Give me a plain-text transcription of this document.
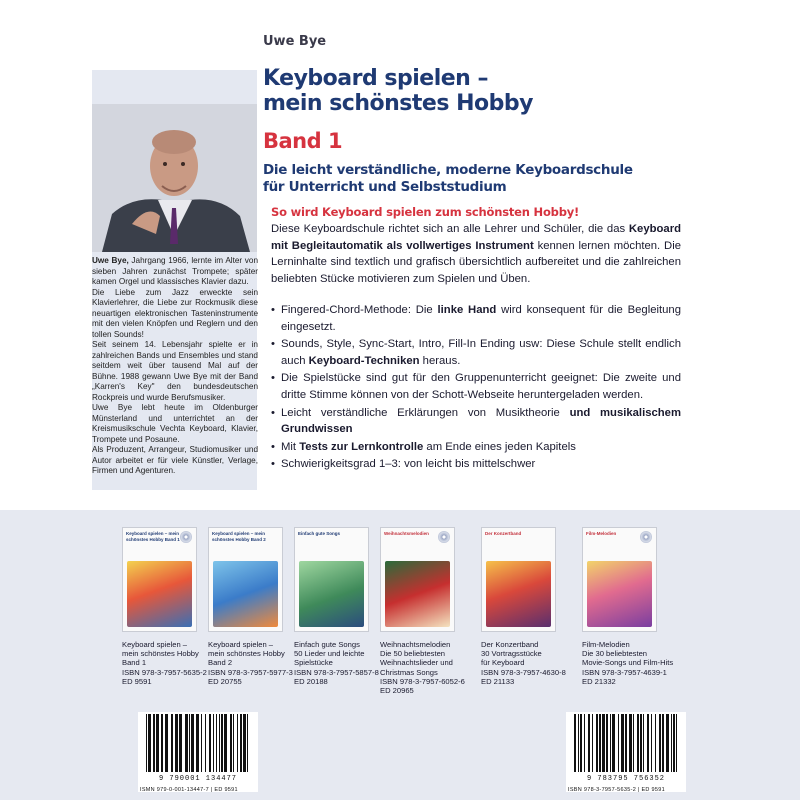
Uwe Bye
Keyboard spielen –
mein schönstes Hobby
Band 1
Die leicht verständliche, moderne Keyboardschule
für Unterricht und Selbststudium

Uwe Bye, Jahrgang 1966, lernte im Alter von sieben Jahren zunächst Trompete; später kamen Orgel und klassisches Klavier dazu.

Die Liebe zum Jazz erweckte sein Klavierlehrer, die Liebe zur Rockmusik diese neuartigen elektronischen Tasteninstrumente mit den vielen Knöpfen und Reglern und den tollen Sounds!

Seit seinem 14. Lebensjahr spielte er in zahlreichen Bands und Ensembles und stand seitdem weit über tausend Mal auf der Bühne. 1988 gewann Uwe Bye mit der Band „Karren's Key" den bundesdeutschen Rockpreis und wurde Berufsmusiker.

Uwe Bye lebt heute im Oldenburger Münsterland und unterrichtet an der Kreismusikschule Vechta Keyboard, Klavier, Trompete und Posaune.

Als Produzent, Arrangeur, Studiomusiker und Autor arbeitet er für viele Künstler, Verlage, Firmen und Agenturen.

So wird Keyboard spielen zum schönsten Hobby!
Diese Keyboardschule richtet sich an alle Lehrer und Schüler, die das Keyboard mit Begleitautomatik als vollwertiges Instrument kennen lernen möchten. Die Lerninhalte sind textlich und grafisch übersichtlich aufbereitet und die zahlreichen beliebten Stücke motivieren zum Spielen und Üben.
• Fingered-Chord-Methode: Die linke Hand wird konsequent für die Begleitung eingesetzt.
• Sounds, Style, Sync-Start, Intro, Fill-In Ending usw: Diese Schule stellt endlich auch Keyboard-Techniken heraus.
• Die Spielstücke sind gut für den Gruppenunterricht geeignet: Die zweite und dritte Stimme können von der Schott-Webseite heruntergeladen werden.
• Leicht verständliche Erklärungen von Musiktheorie und musikalischem Grundwissen
• Mit Tests zur Lernkontrolle am Ende eines jeden Kapitels
• Schwierigkeitsgrad 1–3: von leicht bis mittelschwer
Keyboard spielen – mein schönstes Hobby Band 1
Keyboard spielen – mein schönstes Hobby Band 2
Einfach gute Songs	Weihnachtsmelodien	Der Konzertband	Film-Melodien
Keyboard spielen –
mein schönstes Hobby
Band 1
ISBN 978-3-7957-5635-2
ED 9591
Keyboard spielen –
mein schönstes Hobby
Band 2
ISBN 978-3-7957-5977-3
ED 20755
Einfach gute Songs
50 Lieder und leichte
Spielstücke
ISBN 978-3-7957-5857-8
ED 20188
Weihnachtsmelodien
Die 50 beliebtesten
Weihnachtslieder und
Christmas Songs
ISBN 978-3-7957-6052-6
ED 20965
Der Konzertband
30 Vortragsstücke
für Keyboard
ISBN 978-3-7957-4630-8
ED 21133
Film-Melodien
Die 30 beliebtesten
Movie-Songs und Film-Hits
ISBN 978-3-7957-4639-1
ED 21332
9 790001 134477
ISMN 979-0-001-13447-7 | ED 9591
9 783795 756352
ISBN 978-3-7957-5635-2 | ED 9591
